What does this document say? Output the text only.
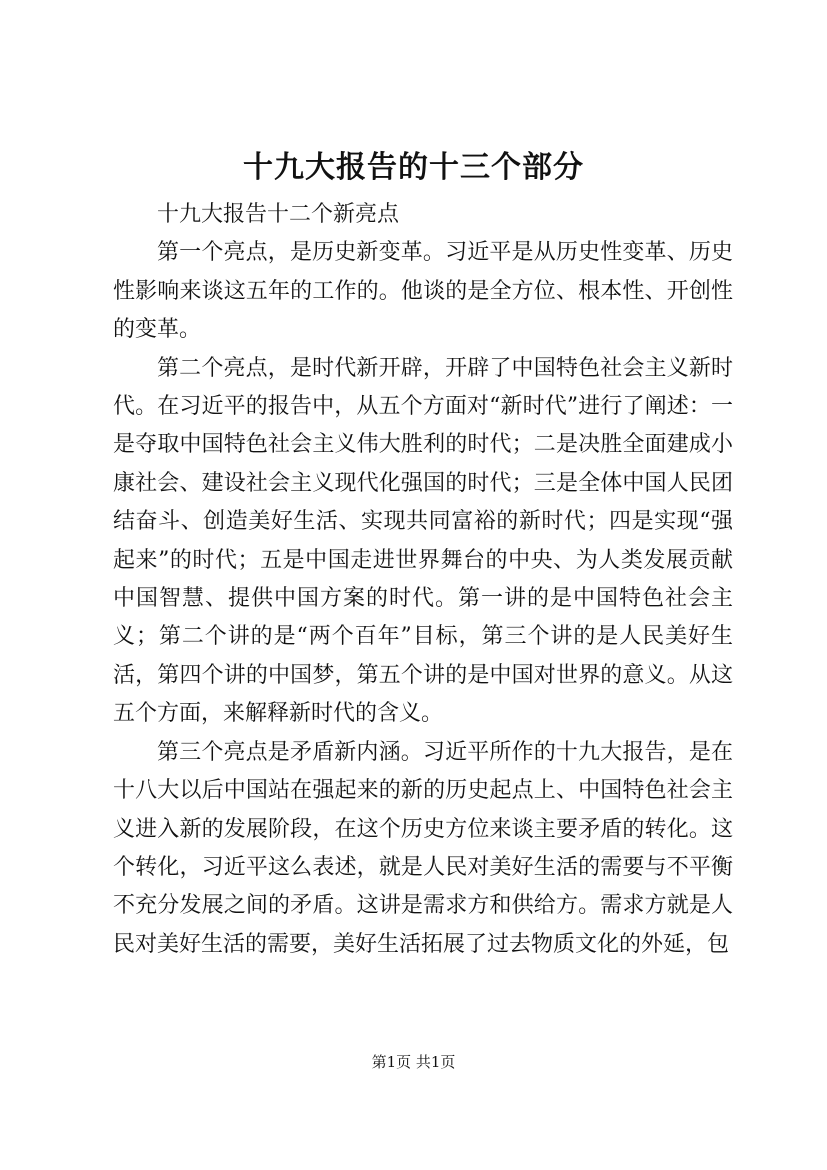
十九大报告的十三个部分

十九大报告十二个新亮点

第一个亮点，是历史新变革。习近平是从历史性变革、历史性影响来谈这五年的工作的。他谈的是全方位、根本性、开创性的变革。

第二个亮点，是时代新开辟，开辟了中国特色社会主义新时代。在习近平的报告中，从五个方面对“新时代”进行了阐述：一是夺取中国特色社会主义伟大胜利的时代；二是决胜全面建成小康社会、建设社会主义现代化强国的时代；三是全体中国人民团结奋斗、创造美好生活、实现共同富裕的新时代；四是实现“强起来”的时代；五是中国走进世界舞台的中央、为人类发展贡献中国智慧、提供中国方案的时代。第一讲的是中国特色社会主义；第二个讲的是“两个百年”目标，第三个讲的是人民美好生活，第四个讲的中国梦，第五个讲的是中国对世界的意义。从这五个方面，来解释新时代的含义。

第三个亮点是矛盾新内涵。习近平所作的十九大报告，是在十八大以后中国站在强起来的新的历史起点上、中国特色社会主义进入新的发展阶段，在这个历史方位来谈主要矛盾的转化。这个转化，习近平这么表述，就是人民对美好生活的需要与不平衡不充分发展之间的矛盾。这讲是需求方和供给方。需求方就是人民对美好生活的需要，美好生活拓展了过去物质文化的外延，包

第1页 共1页
